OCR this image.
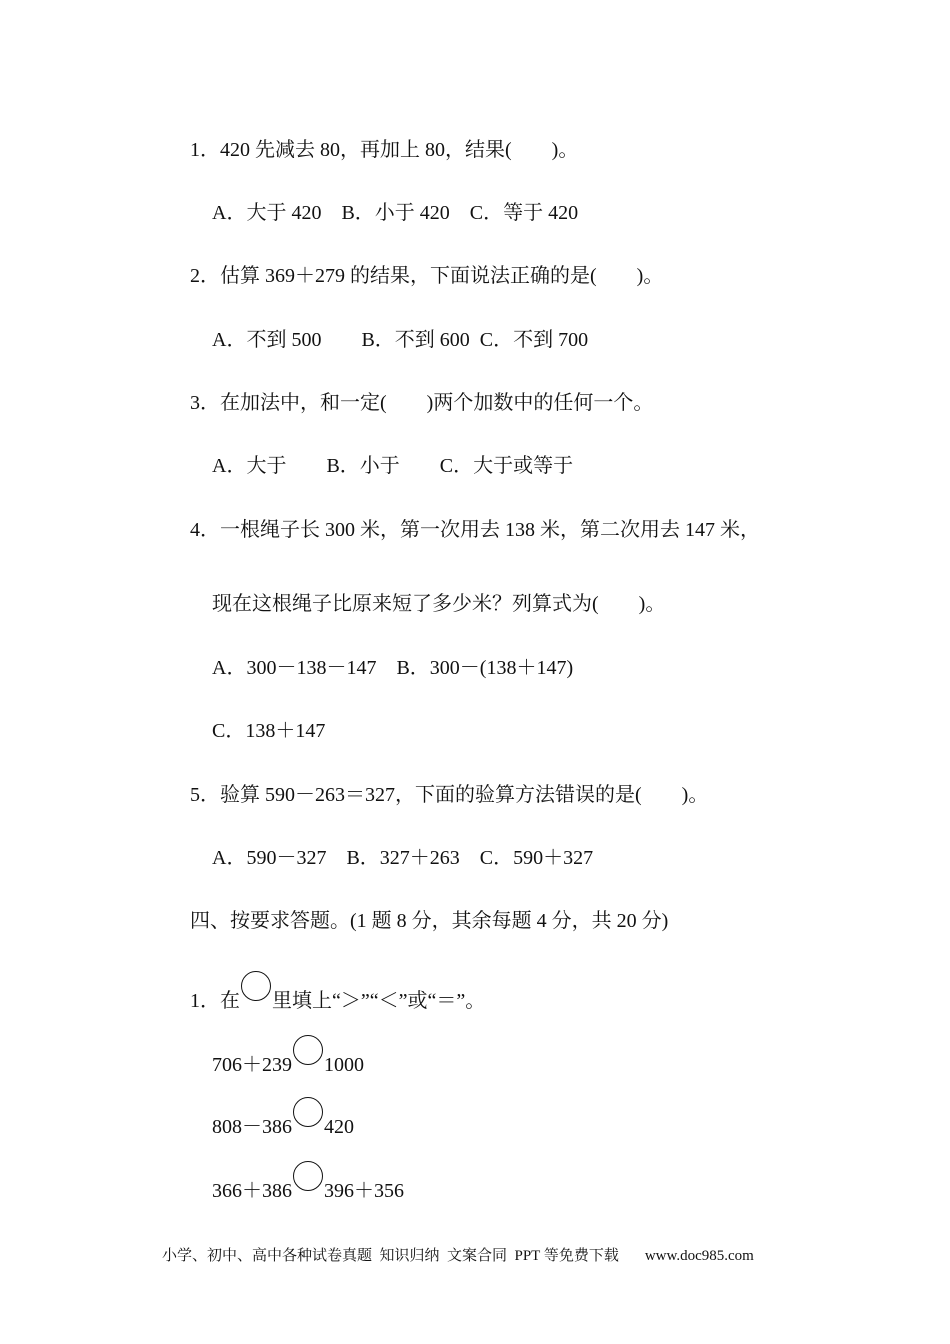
1．420 先减去 80，再加上 80，结果(　　)。
A．大于 420　B．小于 420　C．等于 420
2．估算 369＋279 的结果，下面说法正确的是(　　)。
A．不到 500　　B．不到 600  C．不到 700
3．在加法中，和一定(　　)两个加数中的任何一个。
A．大于　　B．小于　　C．大于或等于
4．一根绳子长 300 米，第一次用去 138 米，第二次用去 147 米，
现在这根绳子比原来短了多少米？列算式为(　　)。
A．300－138－147　B．300－(138＋147)
C．138＋147
5．验算 590－263＝327，下面的验算方法错误的是(　　)。
A．590－327　B．327＋263　C．590＋327
四、按要求答题。(1 题 8 分，其余每题 4 分，共 20 分)
1．在 里填上“＞”“＜”或“＝”。
706＋239 1000
808－386 420
366＋386 396＋356
小学、初中、高中各种试卷真题  知识归纳  文案合同  PPT 等免费下载 www.doc985.com
